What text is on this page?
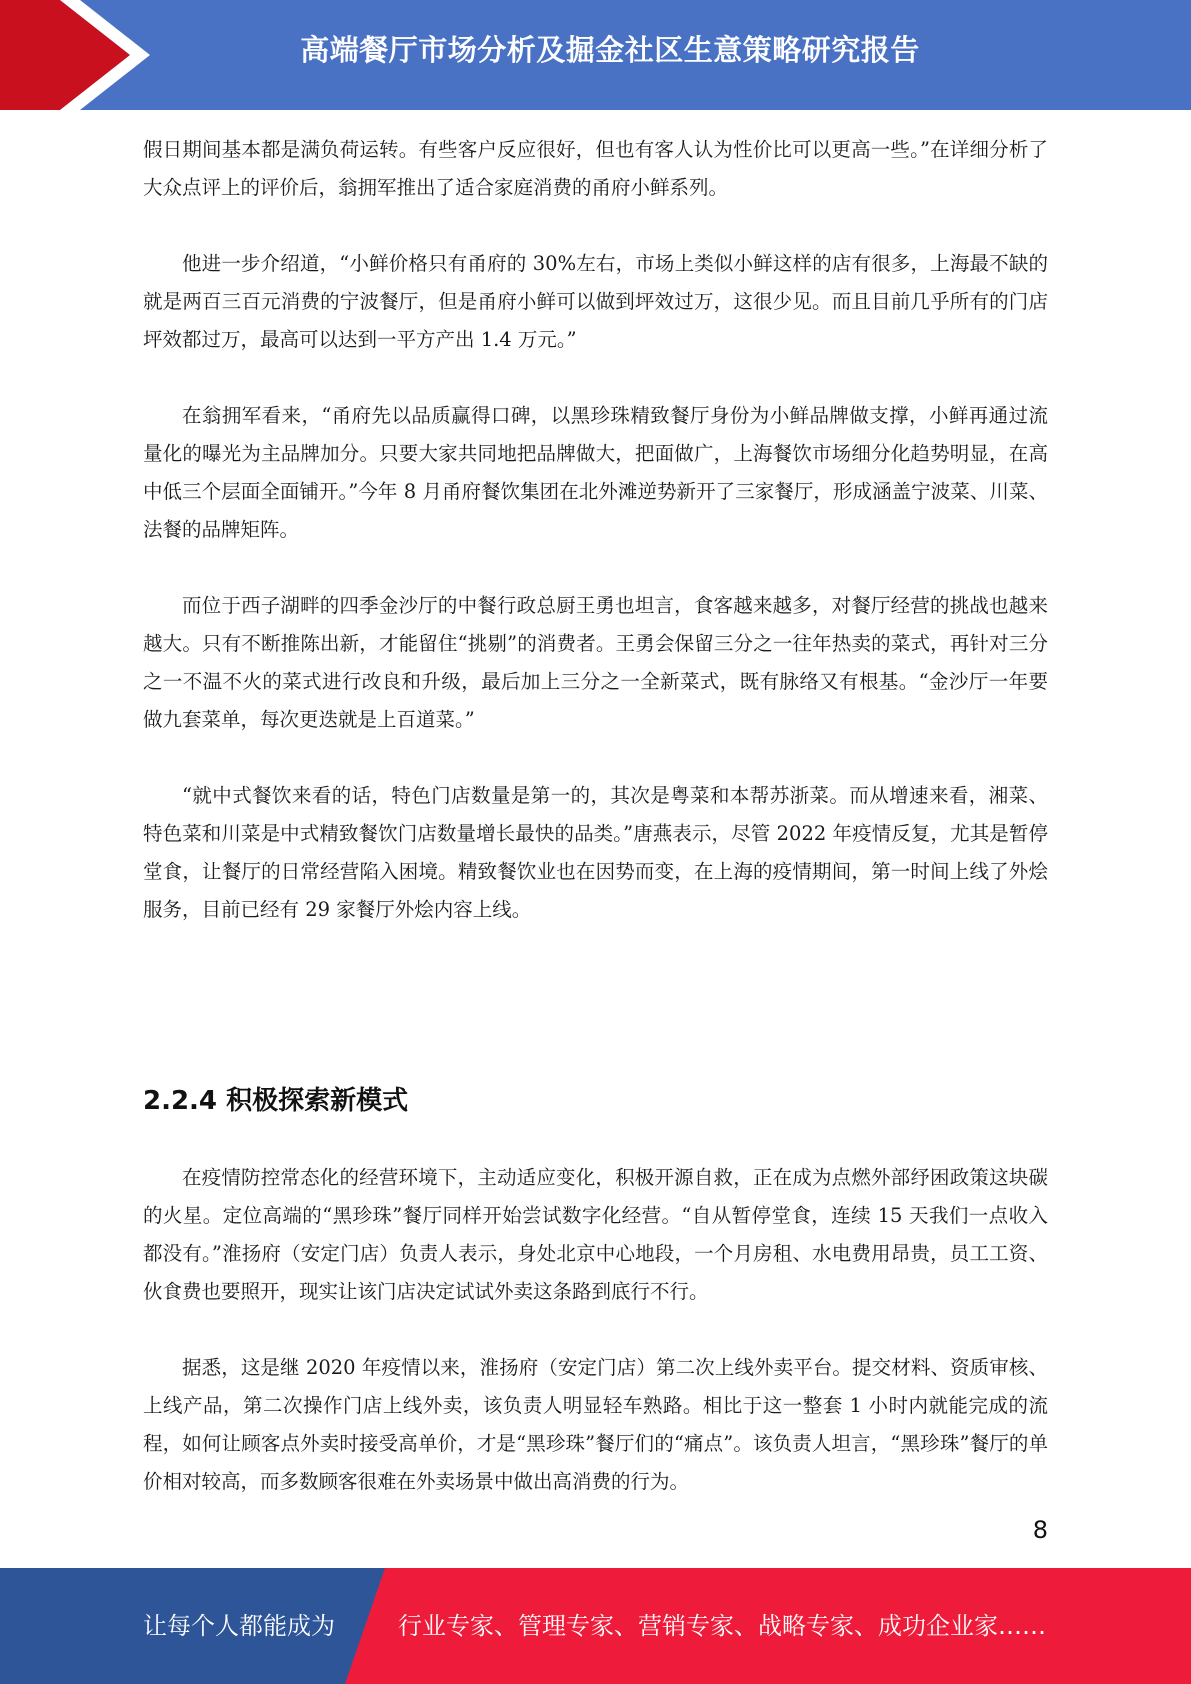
高端餐厅市场分析及掘金社区生意策略研究报告

假日期间基本都是满负荷运转。有些客户反应很好，但也有客人认为性价比可以更高一些。”在详细分析了大众点评上的评价后，翁拥军推出了适合家庭消费的甬府小鲜系列。

他进一步介绍道，“小鲜价格只有甬府的 30%左右，市场上类似小鲜这样的店有很多，上海最不缺的就是两百三百元消费的宁波餐厅，但是甬府小鲜可以做到坪效过万，这很少见。而且目前几乎所有的门店坪效都过万，最高可以达到一平方产出 1.4 万元。”

在翁拥军看来，“甬府先以品质赢得口碑，以黑珍珠精致餐厅身份为小鲜品牌做支撑，小鲜再通过流量化的曝光为主品牌加分。只要大家共同地把品牌做大，把面做广，上海餐饮市场细分化趋势明显，在高中低三个层面全面铺开。”今年 8 月甬府餐饮集团在北外滩逆势新开了三家餐厅，形成涵盖宁波菜、川菜、法餐的品牌矩阵。

而位于西子湖畔的四季金沙厅的中餐行政总厨王勇也坦言，食客越来越多，对餐厅经营的挑战也越来越大。只有不断推陈出新，才能留住“挑剔”的消费者。王勇会保留三分之一往年热卖的菜式，再针对三分之一不温不火的菜式进行改良和升级，最后加上三分之一全新菜式，既有脉络又有根基。“金沙厅一年要做九套菜单，每次更迭就是上百道菜。”

“就中式餐饮来看的话，特色门店数量是第一的，其次是粤菜和本帮苏浙菜。而从增速来看，湘菜、特色菜和川菜是中式精致餐饮门店数量增长最快的品类。”唐燕表示，尽管 2022 年疫情反复，尤其是暂停堂食，让餐厅的日常经营陷入困境。精致餐饮业也在因势而变，在上海的疫情期间，第一时间上线了外烩服务，目前已经有 29 家餐厅外烩内容上线。

2.2.4 积极探索新模式

在疫情防控常态化的经营环境下，主动适应变化，积极开源自救，正在成为点燃外部纾困政策这块碳的火星。定位高端的“黑珍珠”餐厅同样开始尝试数字化经营。“自从暂停堂食，连续 15 天我们一点收入都没有。”淮扬府（安定门店）负责人表示，身处北京中心地段，一个月房租、水电费用昂贵，员工工资、伙食费也要照开，现实让该门店决定试试外卖这条路到底行不行。

据悉，这是继 2020 年疫情以来，淮扬府（安定门店）第二次上线外卖平台。提交材料、资质审核、上线产品，第二次操作门店上线外卖，该负责人明显轻车熟路。相比于这一整套 1 小时内就能完成的流程，如何让顾客点外卖时接受高单价，才是“黑珍珠”餐厅们的“痛点”。该负责人坦言，“黑珍珠”餐厅的单价相对较高，而多数顾客很难在外卖场景中做出高消费的行为。

8
让每个人都能成为	行业专家、管理专家、营销专家、战略专家、成功企业家……
